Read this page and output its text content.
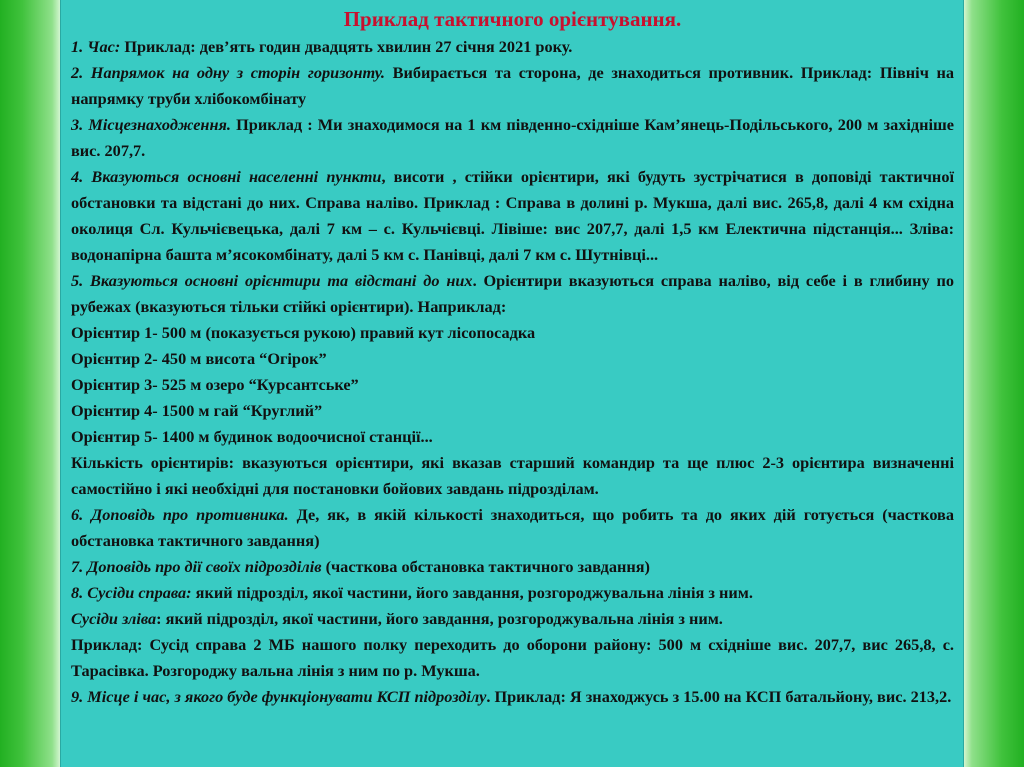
Приклад тактичного орієнтування.

1. Час: Приклад: дев’ять годин двадцять хвилин 27 січня 2021 року.

2. Напрямок на одну з сторін горизонту. Вибирається та сторона, де знаходиться противник. Приклад: Північ на напрямку труби хлібокомбінату

3. Місцезнаходження. Приклад : Ми знаходимося на 1 км південно-східніше Кам’янець-Подільського, 200 м західніше вис. 207,7.

4. Вказуються основні населенні пункти, висоти , стійки орієнтири, які будуть зустрічатися в доповіді тактичної обстановки та відстані до них. Справа наліво. Приклад : Справа в долині р. Мукша, далі вис. 265,8, далі 4 км східна околиця Сл. Кульчієвецька, далі 7 км – с. Кульчієвці. Лівіше: вис 207,7, далі 1,5 км Електична підстанція... Зліва: водонапірна башта м’ясокомбінату, далі 5 км с. Панівці, далі 7 км с. Шутнівці...

5. Вказуються основні орієнтири та відстані до них. Орієнтири вказуються справа наліво, від себе і в глибину по рубежах (вказуються тільки стійкі орієнтири). Наприклад:

Орієнтир 1- 500 м (показується рукою) правий кут лісопосадка

Орієнтир 2- 450 м висота “Огірок”

Орієнтир 3- 525 м озеро “Курсантське”

Орієнтир 4- 1500 м гай “Круглий”

Орієнтир 5- 1400 м будинок водоочисної станції...

Кількість орієнтирів: вказуються орієнтири, які вказав старший командир та ще плюс 2-3 орієнтира визначенні самостійно і які необхідні для постановки бойових завдань підрозділам.

6. Доповідь про противника. Де, як, в якій кількості знаходиться, що робить та до яких дій готується (часткова обстановка тактичного завдання)

7. Доповідь про дії своїх підрозділів (часткова обстановка тактичного завдання)

8. Сусіди справа: який підрозділ, якої частини, його завдання, розгороджувальна лінія з ним.

Сусіди зліва: який підрозділ, якої частини, його завдання, розгороджувальна лінія з ним.

Приклад: Сусід справа 2 МБ нашого полку переходить до оборони району: 500 м східніше вис. 207,7, вис 265,8, с. Тарасівка. Розгороджу вальна лінія з ним по р. Мукша.

9. Місце і час, з якого буде функціонувати КСП підрозділу. Приклад: Я знаходжусь з 15.00 на КСП батальйону, вис. 213,2.
